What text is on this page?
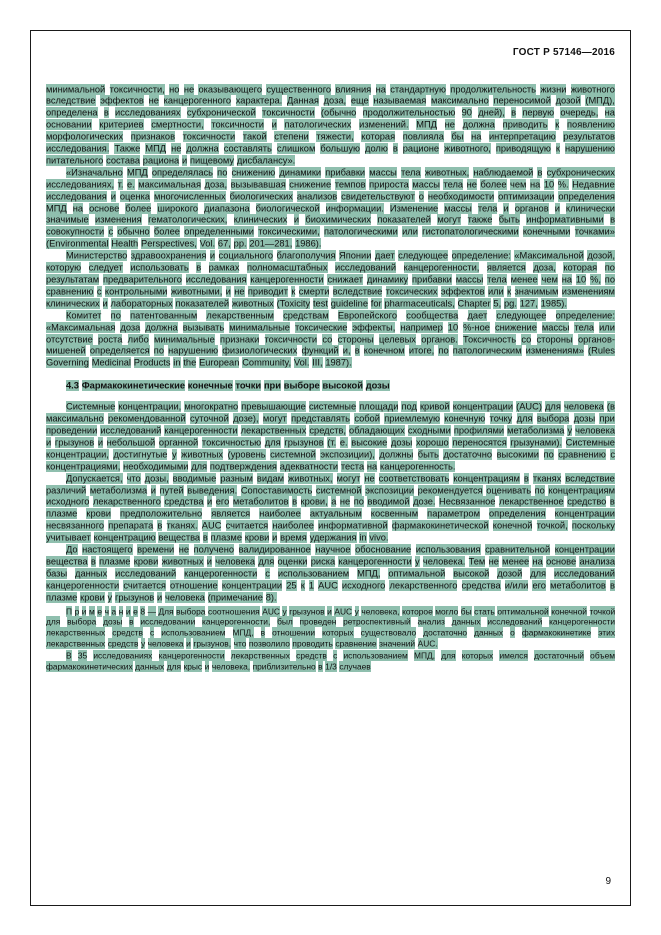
ГОСТ Р 57146—2016

минимальной токсичности, но не оказывающего существенного влияния на стандартную продолжительность жизни животного вследствие эффектов не канцерогенного характера. Данная доза, еще называемая максимально переносимой дозой (МПД), определена в исследованиях субхронической токсичности (обычно продолжительностью 90 дней), в первую очередь, на основании критериев смертности, токсичности и патологических изменений. МПД не должна приводить к появлению морфологических признаков токсичности такой степени тяжести, которая повлияла бы на интерпретацию результатов исследования. Также МПД не должна составлять слишком большую долю в рационе животного, приводящую к нарушению питательного состава рациона и пищевому дисбалансу».

«Изначально МПД определялась по снижению динамики прибавки массы тела животных, наблюдаемой в субхронических исследованиях, т. е. максимальная доза, вызывавшая снижение темпов прироста массы тела не более чем на 10 %. Недавние исследования и оценка многочисленных биологических анализов свидетельствуют о необходимости оптимизации определения МПД на основе более широкого диапазона биологической информации. Изменение массы тела и органов и клинически значимые изменения гематологических, клинических и биохимических показателей могут также быть информативными в совокупности с обычно более определенными токсическими, патологическими или гистопатологическими конечными точками» (Environmental Health Perspectives, Vol. 67, pp. 201—281, 1986).

Министерство здравоохранения и социального благополучия Японии дает следующее определение: «Максимальной дозой, которую следует использовать в рамках полномасштабных исследований канцерогенности, является доза, которая по результатам предварительного исследования канцерогенности снижает динамику прибавки массы тела менее чем на 10 %, по сравнению с контрольными животными, и не приводит к смерти вследствие токсических эффектов или к значимым изменениям клинических и лабораторных показателей животных (Toxicity test guideline for pharmaceuticals, Chapter 5, pg. 127, 1985).

Комитет по патентованным лекарственным средствам Европейского сообщества дает следующее определение: «Максимальная доза должна вызывать минимальные токсические эффекты, например 10 %-ное снижение массы тела или отсутствие роста либо минимальные признаки токсичности со стороны целевых органов. Токсичность со стороны органов-мишеней определяется по нарушению физиологических функций и, в конечном итоге, по патологическим изменениям» (Rules Governing Medicinal Products in the European Community, Vol. III, 1987).

4.3 Фармакокинетические конечные точки при выборе высокой дозы

Системные концентрации, многократно превышающие системные площади под кривой концентрации (AUC) для человека (в максимально рекомендованной суточной дозе), могут представлять собой приемлемую конечную точку для выбора дозы при проведении исследований канцерогенности лекарственных средств, обладающих сходными профилями метаболизма у человека и грызунов и небольшой органной токсичностью для грызунов (т. е. высокие дозы хорошо переносятся грызунами). Системные концентрации, достигнутые у животных (уровень системной экспозиции), должны быть достаточно высокими по сравнению с концентрациями, необходимыми для подтверждения адекватности теста на канцерогенность.

Допускается, что дозы, вводимые разным видам животных, могут не соответствовать концентрациям в тканях вследствие различий метаболизма и путей выведения. Сопоставимость системной экспозиции рекомендуется оценивать по концентрациям исходного лекарственного средства и его метаболитов в крови, а не по вводимой дозе. Несвязанное лекарственное средство в плазме крови предположительно является наиболее актуальным косвенным параметром определения концентрации несвязанного препарата в тканях. AUC считается наиболее информативной фармакокинетической конечной точкой, поскольку учитывает концентрацию вещества в плазме крови и время удержания in vivo.

До настоящего времени не получено валидированное научное обоснование использования сравнительной концентрации вещества в плазме крови животных и человека для оценки риска канцерогенности у человека. Тем не менее на основе анализа базы данных исследований канцерогенности с использованием МПД, оптимальной высокой дозой для исследований канцерогенности считается отношение концентрации 25 к 1 AUC исходного лекарственного средства и/или его метаболитов в плазме крови у грызунов и человека (примечание 8).

П р и м е ч а н и е 8 — Для выбора соотношения AUC у грызунов и AUC у человека, которое могло бы стать оптимальной конечной точкой для выбора дозы в исследовании канцерогенности, был проведен ретроспективный анализ данных исследований канцерогенности лекарственных средств с использованием МПД, в отношении которых существовало достаточно данных о фармакокинетике этих лекарственных средств у человека и грызунов, что позволило проводить сравнение значений AUC.

В 35 исследованиях канцерогенности лекарственных средств с использованием МПД, для которых имелся достаточный объем фармакокинетических данных для крыс и человека, приблизительно в 1/3 случаев

9
